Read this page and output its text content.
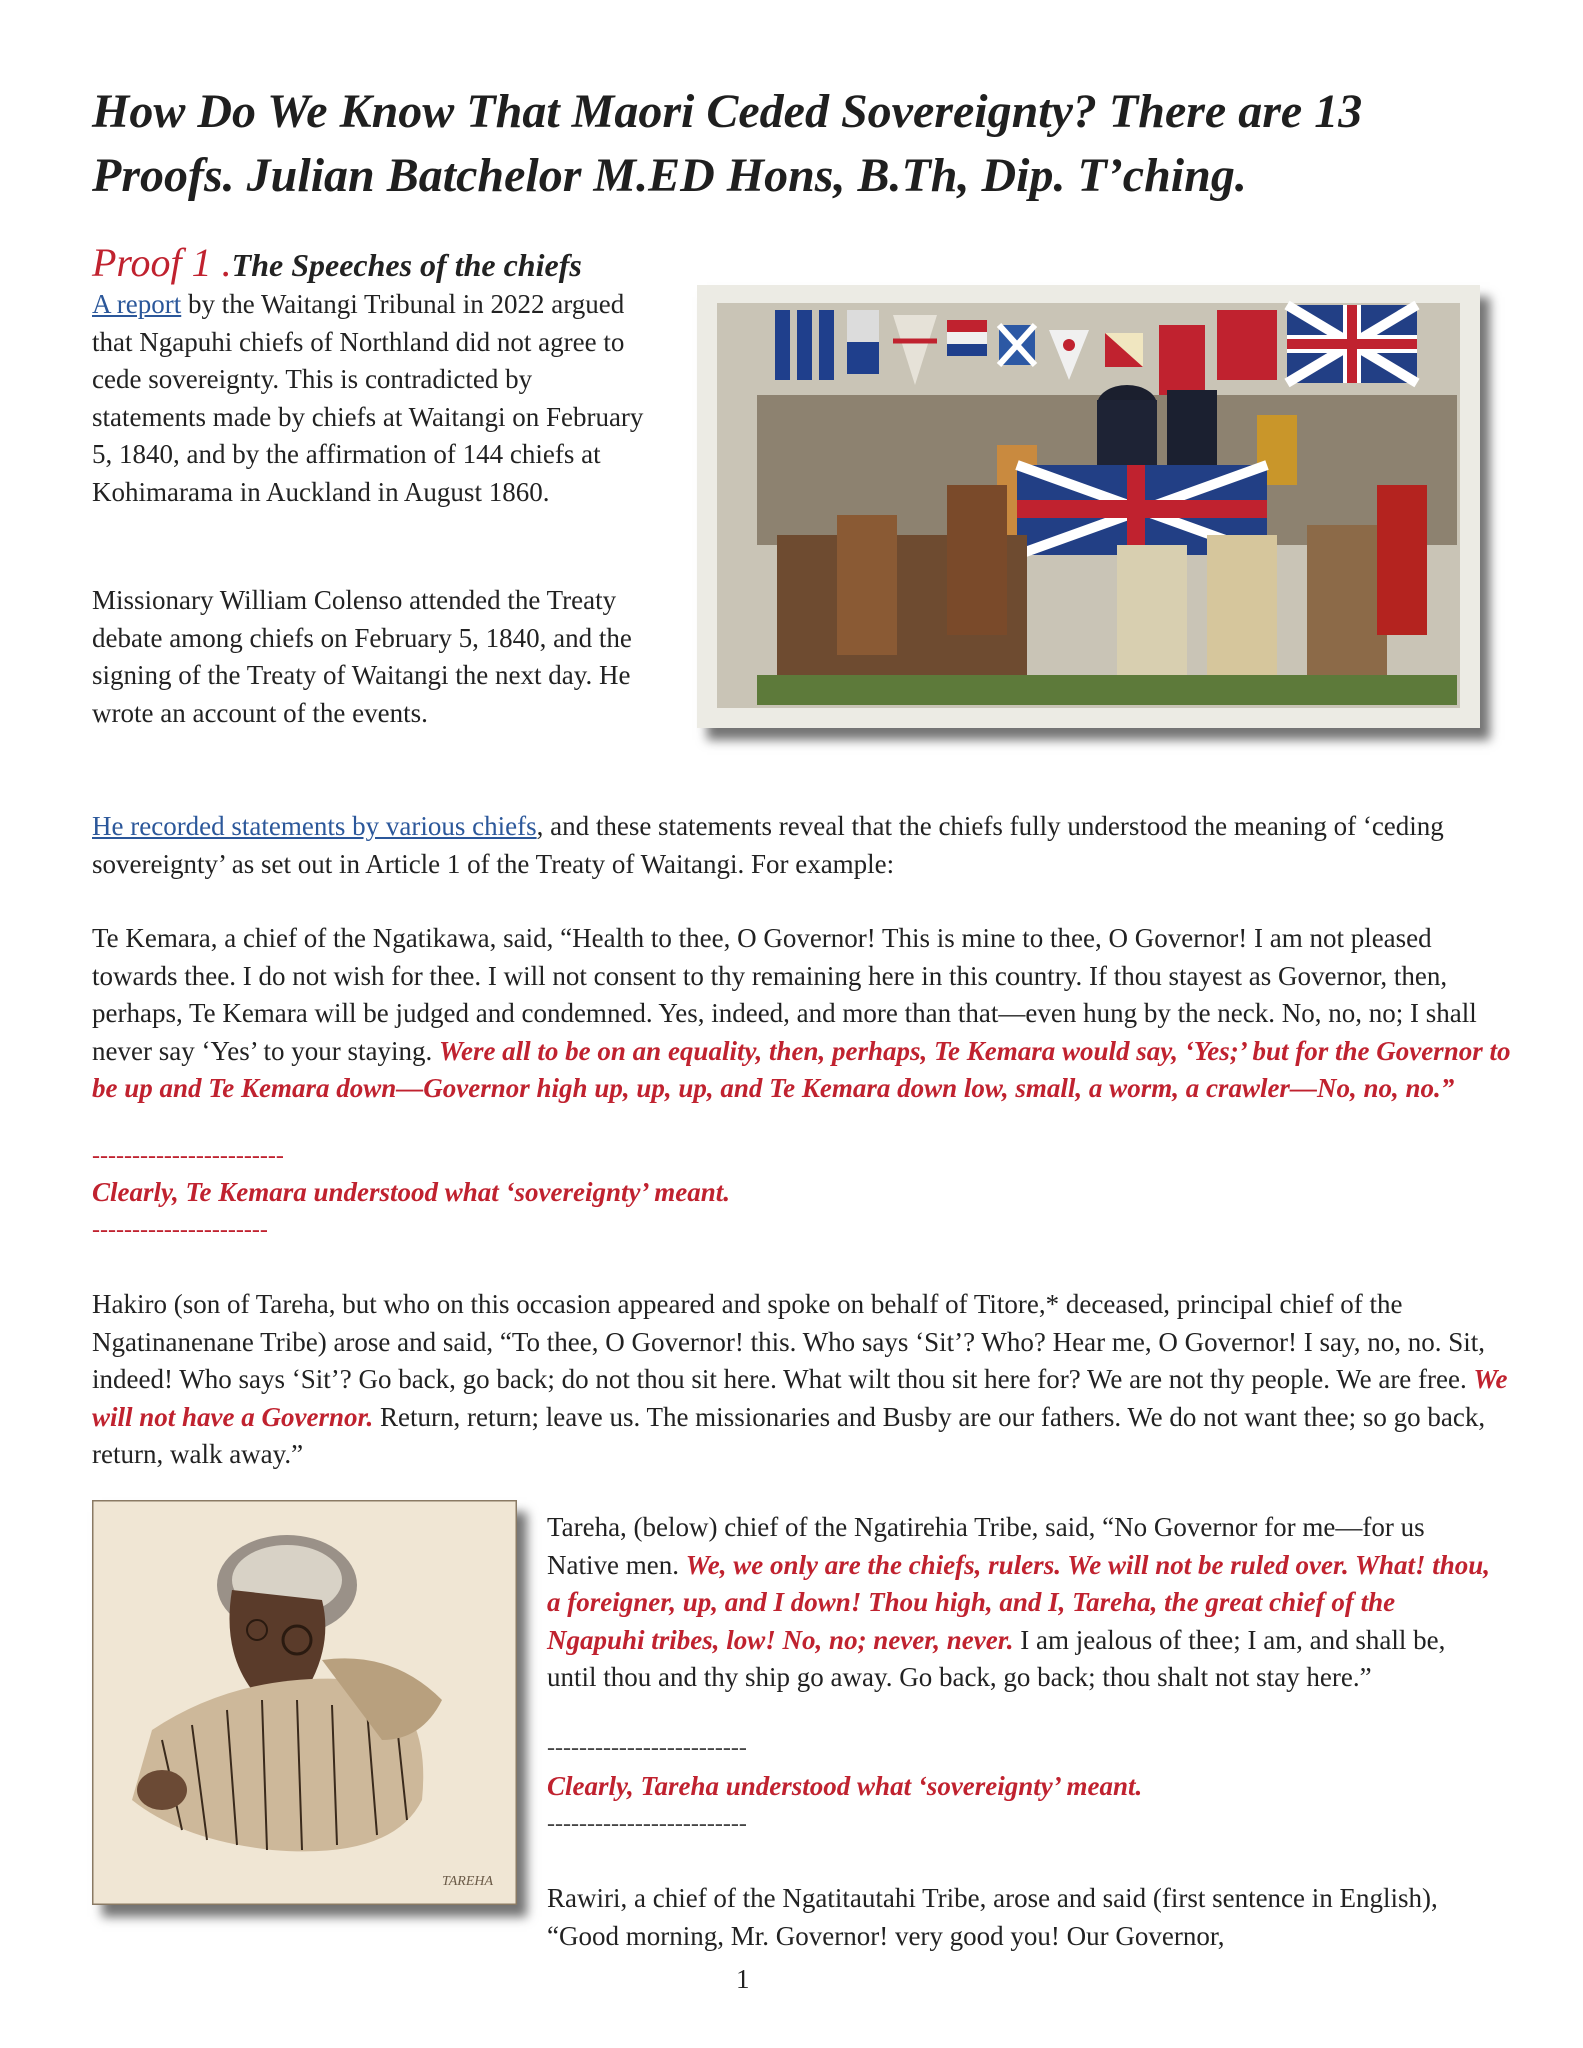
How Do We Know That Maori Ceded Sovereignty? There are 13 Proofs. Julian Batchelor M.ED Hons, B.Th, Dip. T’ching.

Proof 1 .The Speeches of the chiefs

A report by the Waitangi Tribunal in 2022 argued that Ngapuhi chiefs of Northland did not agree to cede sovereignty. This is contradicted by statements made by chiefs at Waitangi on February 5, 1840, and by the affirmation of 144 chiefs at Kohimarama in Auckland in August 1860.

Missionary William Colenso attended the Treaty debate among chiefs on February 5, 1840, and the signing of the Treaty of Waitangi the next day. He wrote an account of the events.

He recorded statements by various chiefs, and these statements reveal that the chiefs fully understood the meaning of ‘ceding sovereignty’ as set out in Article 1 of the Treaty of Waitangi. For example:

Te Kemara, a chief of the Ngatikawa, said, “Health to thee, O Governor! This is mine to thee, O Governor! I am not pleased towards thee. I do not wish for thee. I will not consent to thy remaining here in this country. If thou stayest as Governor, then, perhaps, Te Kemara will be judged and condemned. Yes, indeed, and more than that—even hung by the neck. No, no, no; I shall never say ‘Yes’ to your staying. Were all to be on an equality, then, perhaps, Te Kemara would say, ‘Yes;’ but for the Governor to be up and Te Kemara down—Governor high up, up, up, and Te Kemara down low, small, a worm, a crawler—No, no, no.”

------------------------

Clearly, Te Kemara understood what ‘sovereignty’ meant.

----------------------

Hakiro (son of Tareha, but who on this occasion appeared and spoke on behalf of Titore,* deceased, principal chief of the Ngatinanenane Tribe) arose and said, “To thee, O Governor! this. Who says ‘Sit’? Who? Hear me, O Governor! I say, no, no. Sit, indeed! Who says ‘Sit’? Go back, go back; do not thou sit here. What wilt thou sit here for? We are not thy people. We are free. We will not have a Governor. Return, return; leave us. The missionaries and Busby are our fathers. We do not want thee; so go back, return, walk away.”

TAREHA

Tareha, (below) chief of the Ngatirehia Tribe, said, “No Governor for me—for us Native men. We, we only are the chiefs, rulers. We will not be ruled over. What! thou, a foreigner, up, and I down! Thou high, and I, Tareha, the great chief of the Ngapuhi tribes, low! No, no; never, never. I am jealous of thee; I am, and shall be, until thou and thy ship go away. Go back, go back; thou shalt not stay here.”

-------------------------

Clearly, Tareha understood what ‘sovereignty’ meant.

-------------------------

Rawiri, a chief of the Ngatitautahi Tribe, arose and said (first sentence in English), “Good morning, Mr. Governor! very good you! Our Governor,

1
